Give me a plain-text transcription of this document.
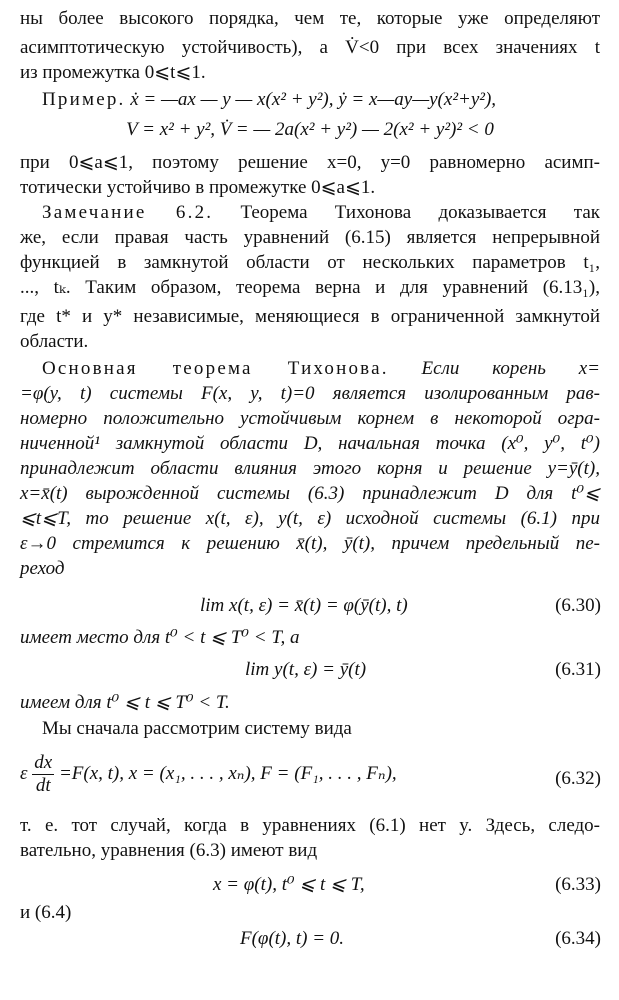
ны более высокого порядка, чем те, которые уже определяют
асимптотическую устойчивость), а V̇<0 при всех значениях t
из промежутка 0⩽t⩽1.
Пример. ẋ = —ax — y — x(x² + y²), ẏ = x—ay—y(x²+y²),
V = x² + y², V̇ = — 2a(x² + y²) — 2(x² + y²)² < 0
при 0⩽a⩽1, поэтому решение x=0, y=0 равномерно асимп-
тотически устойчиво в промежутке 0⩽a⩽1.
Замечание 6.2. Теорема Тихонова доказывается так
же, если правая часть уравнений (6.15) является непрерывной
функцией в замкнутой области от нескольких параметров t₁,
..., tₖ. Таким образом, теорема верна и для уравнений (6.13₁),
где t* и y* независимые, меняющиеся в ограниченной замкнутой
области.
Основная теорема Тихонова. Если корень x=
=φ(y, t) системы F(x, y, t)=0 является изолированным рав-
номерно положительно устойчивым корнем в некоторой огра-
ниченной¹ замкнутой области D, начальная точка (x⁰, y⁰, t⁰)
принадлежит области влияния этого корня и решение y=ȳ(t),
x=x̄(t) вырожденной системы (6.3) принадлежит D для t⁰⩽
⩽t⩽T, то решение x(t, ε), y(t, ε) исходной системы (6.1) при
ε→0 стремится к решению x̄(t), ȳ(t), причем предельный пе-
реход
lim x(t, ε) = x̄(t) = φ(ȳ(t), t)	(6.30)
имеет место для t⁰ < t ⩽ T⁰ < T, а
lim y(t, ε) = ȳ(t)	(6.31)
имеем для t⁰ ⩽ t ⩽ T⁰ < T.
Мы сначала рассмотрим систему вида
ε $\frac{dx}{dt} =F(x$, t), x = (x₁, . . . , xₙ), F = (F₁, . . . , Fₙ),	(6.32)
т. е. тот случай, когда в уравнениях (6.1) нет y. Здесь, следо-
вательно, уравнения (6.3) имеют вид
x = φ(t), t⁰ ⩽ t ⩽ T,	(6.33)
и (6.4)
F(φ(t), t) = 0.	(6.34)
